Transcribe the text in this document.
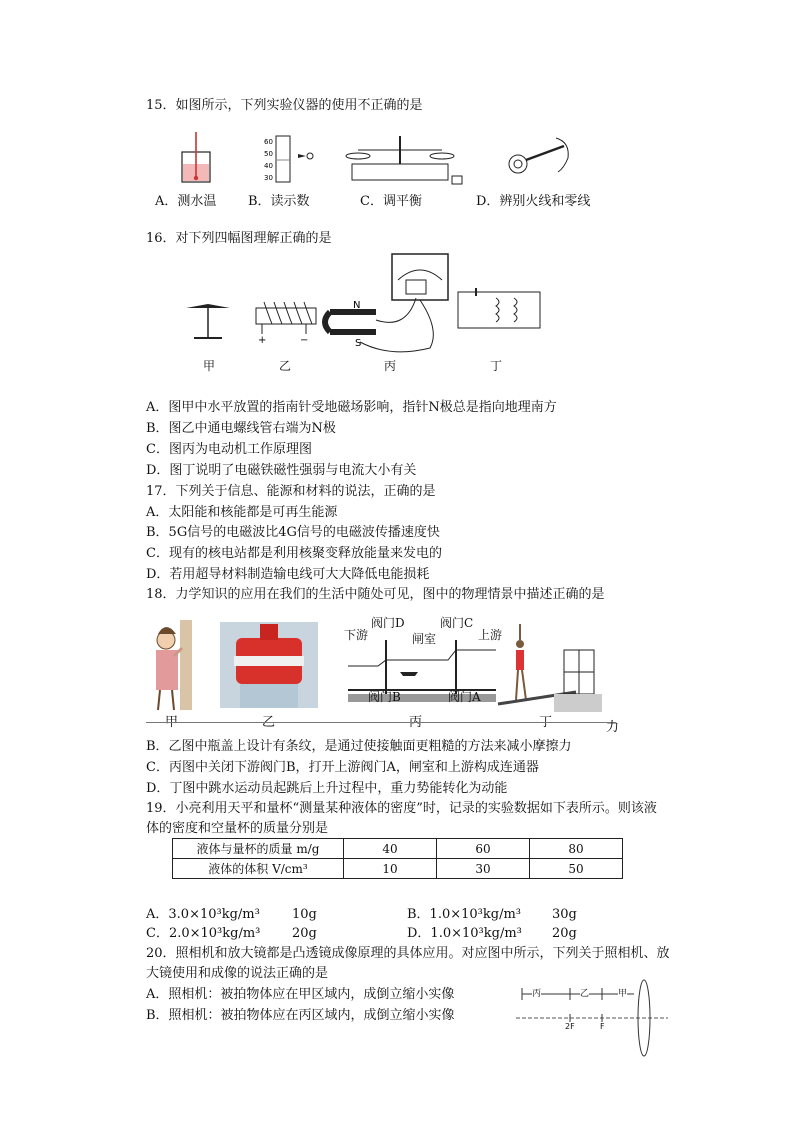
15．如图所示，下列实验仪器的使用不正确的是
60
50
40
30
A．测水温 B．读示数	C．调平衡	D．辨别火线和零线
16．对下列四幅图理解正确的是
+	−
N
S
甲	乙	丙	丁
A．图甲中水平放置的指南针受地磁场影响，指针N极总是指向地理南方
B．图乙中通电螺线管右端为N极
C．图丙为电动机工作原理图
D．图丁说明了电磁铁磁性强弱与电流大小有关
17．下列关于信息、能源和材料的说法，正确的是
A．太阳能和核能都是可再生能源
B．5G信号的电磁波比4G信号的电磁波传播速度快
C．现有的核电站都是利用核聚变释放能量来发电的
D．若用超导材料制造输电线可大大降低电能损耗
18．力学知识的应用在我们的生活中随处可见，图中的物理情景中描述正确的是
下游
阀门D
闸室
阀门C
上游
阀门B	阀门A
甲	乙	丙	丁	力
B．乙图中瓶盖上设计有条纹，是通过使接触面更粗糙的方法来减小摩擦力
C．丙图中关闭下游阀门B，打开上游阀门A，闸室和上游构成连通器
D．丁图中跳水运动员起跳后上升过程中，重力势能转化为动能
19．小亮利用天平和量杯“测量某种液体的密度”时，记录的实验数据如下表所示。则该液
体的密度和空量杯的质量分别是
液体与量杯的质量 m/g	40	60	80
液体的体积 V/cm³	10	30	50
A．3.0×10³kg/m³ 10g	B．1.0×10³kg/m³ 30g
C．2.0×10³kg/m³ 20g	D．1.0×10³kg/m³ 20g
20．照相机和放大镜都是凸透镜成像原理的具体应用。对应图中所示，下列关于照相机、放
大镜使用和成像的说法正确的是
A．照相机：被拍物体应在甲区域内，成倒立缩小实像
B．照相机：被拍物体应在丙区域内，成倒立缩小实像
丙	乙	甲
2F	F
